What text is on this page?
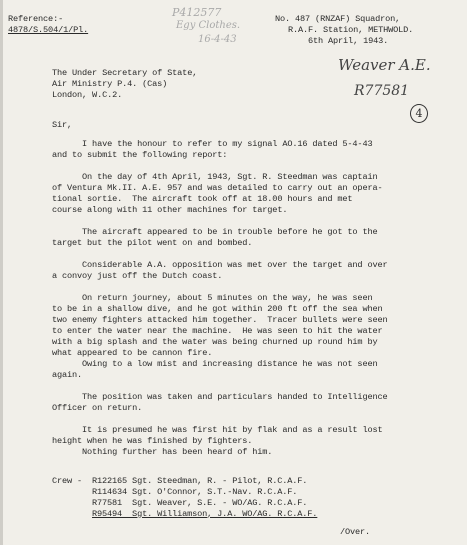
Reference:-
4878/S.504/1/Pl.
P412577
Egy Clothes.
16-4-43
No. 487 (RNZAF) Squadron,
R.A.F. Station, METHWOLD.
6th April, 1943.
Weaver A.E.
R77581
4
The Under Secretary of State,
Air Ministry P.4. (Cas)
London, W.C.2.
Sir,
I have the honour to refer to my signal AO.16 dated 5-4-43
and to submit the following report:
On the day of 4th April, 1943, Sgt. R. Steedman was captain
of Ventura Mk.II. A.E. 957 and was detailed to carry out an opera-
tional sortie.  The aircraft took off at 18.00 hours and met
course along with 11 other machines for target.
The aircraft appeared to be in trouble before he got to the
target but the pilot went on and bombed.
Considerable A.A. opposition was met over the target and over
a convoy just off the Dutch coast.
On return journey, about 5 minutes on the way, he was seen
to be in a shallow dive, and he got within 200 ft off the sea when
two enemy fighters attacked him together.  Tracer bullets were seen
to enter the water near the machine.  He was seen to hit the water
with a big splash and the water was being churned up round him by
what appeared to be cannon fire.
Owing to a low mist and increasing distance he was not seen
again.
The position was taken and particulars handed to Intelligence
Officer on return.
It is presumed he was first hit by flak and as a result lost
height when he was finished by fighters.
Nothing further has been heard of him.
Crew - R122165 Sgt. Steedman, R. - Pilot, R.C.A.F.
R114634 Sgt. O'Connor, S.T.-Nav. R.C.A.F.
R77581  Sgt. Weaver, S.E. - WO/AG. R.C.A.F.
R95494  Sgt. Williamson, J.A. WO/AG. R.C.A.F.
/Over.
